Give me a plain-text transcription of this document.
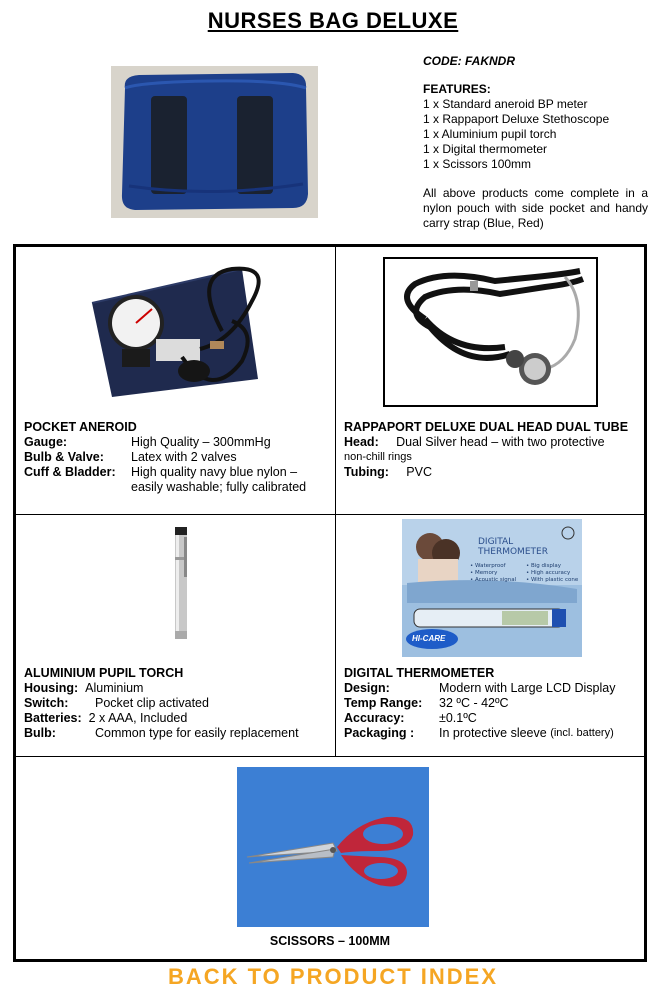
NURSES BAG DELUXE
CODE: FAKNDR
FEATURES:
1 x Standard aneroid BP meter
1 x Rappaport Deluxe Stethoscope
1 x Aluminium pupil torch
1 x Digital thermometer
1 x Scissors 100mm
All above products come complete in a nylon pouch with side pocket and handy carry strap (Blue, Red)
POCKET ANEROID
Gauge:	High Quality – 300mmHg
Bulb & Valve:	Latex with 2 valves
Cuff & Bladder:	High quality navy blue nylon – easily washable; fully calibrated
RAPPAPORT DELUXE DUAL HEAD DUAL TUBE
Head: Dual Silver head – with two protective
non-chill rings
Tubing: PVC
ALUMINIUM PUPIL TORCH
Housing: Aluminium
Switch:	Pocket clip activated
Batteries: 2 x AAA, Included
Bulb:	Common type for easily replacement
DIGITAL THERMOMETER
• Waterproof	• Big display
• Memory	• High accuracy
• Acoustic signal	• With plastic cone
HI-CARE
DIGITAL THERMOMETER
Design:	Modern with Large LCD Display
Temp Range:	32 ºC - 42ºC
Accuracy:	±0.1ºC
Packaging :	In protective sleeve
(incl. battery)
SCISSORS – 100MM
BACK TO PRODUCT INDEX
